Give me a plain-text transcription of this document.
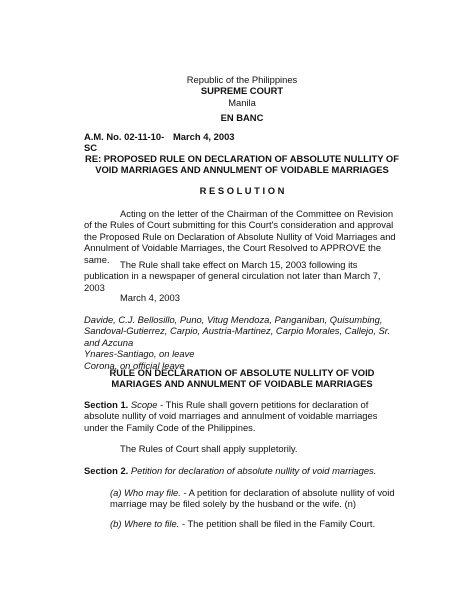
Republic of the Philippines

SUPREME COURT

Manila

EN BANC
A.M. No. 02-11-10-SC
March 4, 2003
RE: PROPOSED RULE ON DECLARATION OF ABSOLUTE NULLITY OF VOID MARRIAGES AND ANNULMENT OF VOIDABLE MARRIAGES
R E S O L U T I O N

Acting on the letter of the Chairman of the Committee on Revision of the Rules of Court submitting for this Court's consideration and approval the Proposed Rule on Declaration of Absolute Nullity of Void Marriages and Annulment of Voidable Marriages, the Court Resolved to APPROVE the same.	The Rule shall take effect on March 15, 2003 following its publication in a newspaper of general circulation not later than March 7, 2003

March 4, 2003

Davide, C.J. Bellosillo, Puno, Vitug Mendoza, Panganiban, Quisumbing, Sandoval-Gutierrez, Carpio, Austria-Martinez, Carpio Morales, Callejo, Sr. and Azcuna

Ynares-Santiago, on leave

Corona, on official leave

RULE ON DECLARATION OF ABSOLUTE NULLITY OF VOID MARIAGES AND ANNULMENT OF VOIDABLE MARRIAGES

Section 1. Scope - This Rule shall govern petitions for declaration of absolute nullity of void marriages and annulment of voidable marriages under the Family Code of the Philippines.

The Rules of Court shall apply suppletorily.

Section 2. Petition for declaration of absolute nullity of void marriages.

(a) Who may file. - A petition for declaration of absolute nullity of void marriage may be filed solely by the husband or the wife. (n)

(b) Where to file. - The petition shall be filed in the Family Court.
